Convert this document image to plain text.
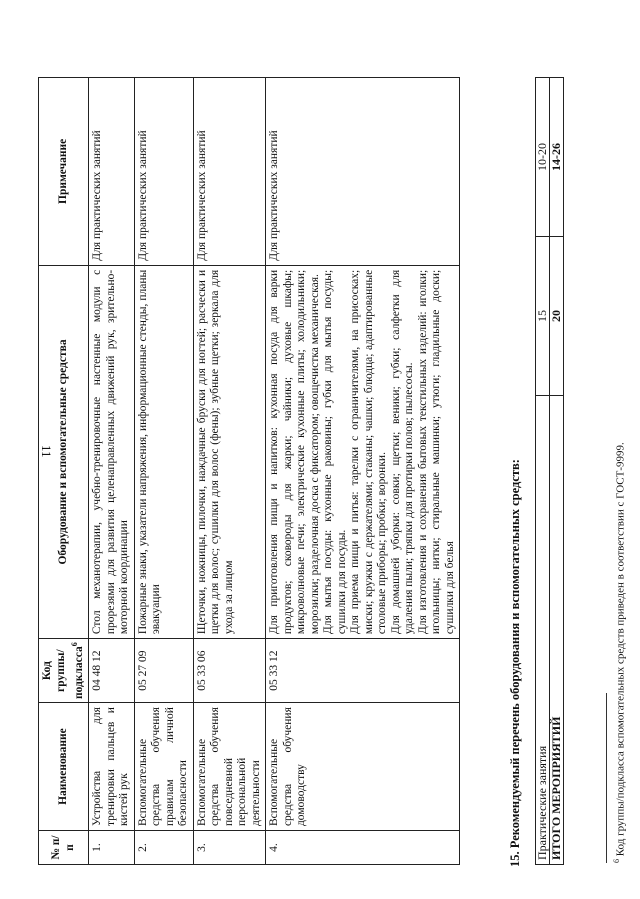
11
Практические занятия	15	10-20
ИТОГО МЕРОПРИЯТИЙ	20	14-26
15. Рекомендуемый перечень оборудования и вспомогательных средств:
№ п/п	Наименование	Код группы/подкласса$^6$	Оборудование и вспомогательные средства	Примечание
1.	Устройства для тренировки пальцев и кистей рук	04 48 12	Стол механотерапии, учебно-тренировочные настенные модули с прорезями для развития целенаправленных движений рук, зрительно-моторной координации	Для практических занятий
2.	Вспомогательные средства обучения правилам личной безопасности	05 27 09	Пожарные знаки, указатели напряжения, информационные стенды, планы эвакуации	Для практических занятий
3.	Вспомогательные средства обучения повседневной персональной деятельности	05 33 06	Щеточки, ножницы, пилочки, наждачные бруски для ногтей; расчески и щетки для волос; сушилки для волос (фены); зубные щетки; зеркала для ухода за лицом	Для практических занятий
4.	Вспомогательные средства обучения домоводству	05 33 12	Для приготовления пищи и напитков: кухонная посуда для варки продуктов; сковороды для жарки; чайники; духовые шкафы; микроволновые печи; электрические кухонные плиты; холодильники; морозилки; разделочная доска с фиксатором; овощечистка механическая. Для мытья посуды: кухонные раковины; губки для мытья посуды; сушилки для посуды. Для приема пищи и питья: тарелки с ограничителями, на присосках; миски; кружки с держателями; стаканы; чашки; блюдца; адаптированные столовые приборы; пробки; воронки. Для домашней уборки: совки; щетки; веники; губки; салфетки для удаления пыли; тряпки для протирки полов; пылесосы. Для изготовления и сохранения бытовых текстильных изделий: иголки; игольницы; нитки; стиральные машинки; утюги; гладильные доски; сушилки для белья	Для практических занятий
$^6$ Код группы/подкласса вспомогательных средств приведен в соответствии с ГОСТ-9999.
